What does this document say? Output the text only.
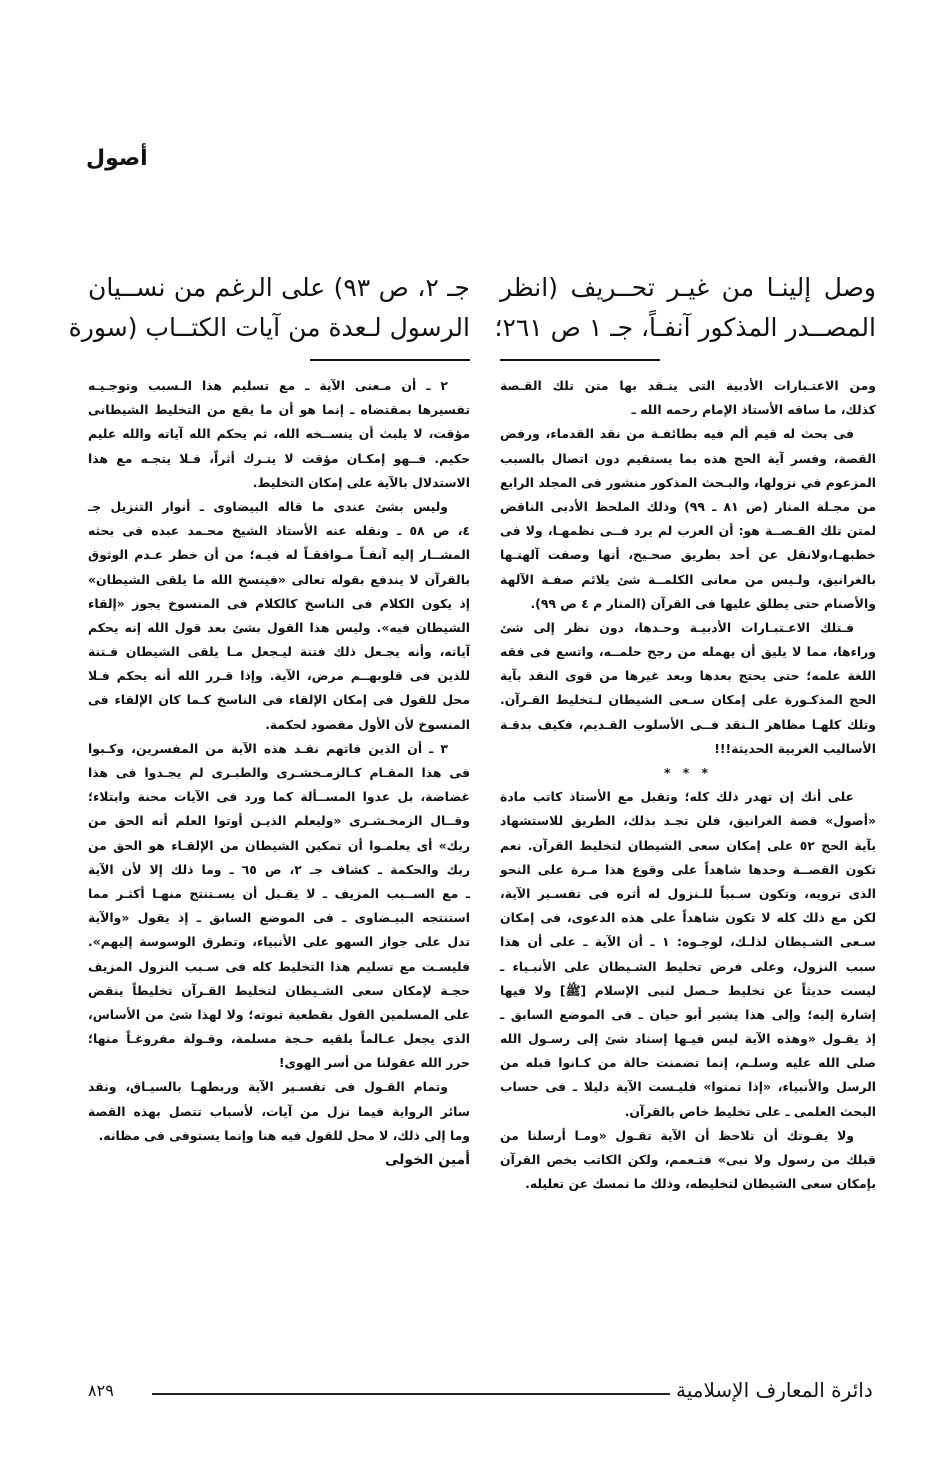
أصول
وصل إلينـا من غيـر تحــريف (انظر
المصــدر المذكور آنفـاً، جـ ١ ص ٢٦١؛
ومن الاعتـبارات الأدبية التى ينـقد بها متن تلك القـصة
كذلك، ما ساقه الأستاذ الإمام رحمه الله ـ
فى بحث له قيم ألم فيه بطائفـة من نقد القدماء، ورفض
القصة، وفسر آية الحج هذه بما يستقيم دون اتصال بالسبب
المزعوم في نزولها، والبـحث المذكور منشور فى المجلد الرابع
من مجـلة المنار (ص ٨١ ـ ٩٩) وذلك الملحظ الأدبى الناقض
لمتن تلك القـصــة هو: أن العرب لم يرد فــى نظمهـا، ولا فى
خطبهـا،ولانقل عن أحد بطريق صحـيح، أنها وصفت آلهتـها
بالغرانيق، ولـيس من معانى الكلمــة شئ يلائم صفـة الآلهة
والأصنام حتى يطلق عليها فى القرآن (المنار م ٤ ص ٩٩).
فـتلك الاعـتبـارات الأدبيـة وحـدها، دون نظر إلى شئ
وراءها، مما لا يليق أن يهمله من رجح حلمــه، واتسع فى فقه
اللغة علمه؛ حتى يحتج بعدها وبعد غيرها من قوى النقد بآية
الحج المذكـورة على إمكان سـعى الشيطان لـتخليط القـرآن.
وتلك كلهـا مظاهر الـنقد فــى الأسلوب القـديم، فكيف بدقـة
الأساليب الغربية الحديثة!!!
* * *
على أنك إن تهدر ذلك كله؛ وتقبل مع الأستاذ كاتب مادة
«أصول» قصة الغرانيق، فلن تجـد بذلك، الطريق للاستشهاد
بآية الحج ٥٢ على إمكان سعى الشيطان لتخليط القرآن. نعم
تكون القصــة وحدها شاهداً على وقوع هذا مـرة على النحو
الذى ترويه، وتكون سـبباً للـنزول له أثره فى تفسـير الآية،
لكن مع ذلك كله لا تكون شاهداً على هذه الدعوى، فى إمكان
سـعى الشـيطان لذلـك، لوجـوه: ١ ـ أن الآية ـ على أن هذا
سبب النزول، وعلى فرض تخليط الشـيطان على الأنبـياء ـ
ليست حديثاً عن تخليط حـصل لنبى الإسلام [ﷺ] ولا فيها
إشارة إليه؛ وإلى هذا يشير أبو حيان ـ فى الموضع السابق ـ
إذ يقـول «وهذه الآية ليس فيـها إسناد شئ إلى رسـول الله
صلى الله عليه وسلـم، إنما تضمنت حالة من كـانوا قبله من
الرسل والأنبياء، «إذا تمنوا» فليـست الآية دليلا ـ فى حساب
البحث العلمى ـ على تخليط خاص بالقرآن.
ولا يفـوتك أن تلاحظ أن الآية تقـول «ومـا أرسلنا من
قبلك من رسول ولا نبى» فتـعمم، ولكن الكاتب يخص القرآن
بإمكان سعى الشيطان لتخليطه، وذلك ما نمسك عن تعليله.
جـ ٢، ص ٩٣) على الرغم من نســيان
الرسول لـعدة من آيات الكتــاب (سورة
٢ ـ أن مـعنى الآية ـ مع تسليم هذا الـسبب وتوجـيـه
تفسيرها بمقتضاه ـ إنما هو أن ما يقع من التخليط الشيطانى
مؤقت، لا يلبث أن ينســخه الله، ثم يحكم الله آياته والله عليم
حكيم. فــهو إمكـان مؤقت لا يتـرك أثراً، فـلا يتجـه مع هذا
الاستدلال بالآية على إمكان التخليط.
وليس بشئ عندى ما قاله البيضاوى ـ أنوار التنزيل جـ
٤، ص ٥٨ ـ ونقله عنه الأستاذ الشيخ محـمد عبده فى بحثه
المشــار إليه آنفـاً مـوافقـاً له فيـه؛ من أن خطر عـدم الوثوق
بالقرآن لا يندفع بقوله تعالى «فينسخ الله ما يلقى الشيطان»
إذ يكون الكلام فى الناسخ كالكلام فى المنسوخ يجوز «إلقاء
الشيطان فيه». وليس هذا القول بشئ بعد قول الله إنه يحكم
آياته، وأنه يجـعل ذلك فتنة ليـجعل مـا يلقى الشيطان فـتنة
للذين فى قلوبهــم مرض، الآية. وإذا قـرر الله أنه يحكم فـلا
محل للقول فى إمكان الإلقاء فى الناسخ كـما كان الإلقاء فى
المنسوخ لأن الأول مقصود لحكمة.
٣ ـ أن الذين فاتهم نقـد هذه الآية من المفسرين، وكـبوا
فى هذا المقـام كـالزمـخشـرى والطبـرى لم يجـدوا فى هذا
غضاضة، بل عدوا المســألة كما ورد فى الآيات محنة وابتلاء؛
وقــال الزمخـشـرى «وليعلم الذيـن أوتوا العلم أنه الحق من
ربك» أى يعلمـوا أن تمكين الشيطان من الإلقـاء هو الحق من
ربك والحكمة ـ كشاف جـ ٢، ص ٦٥ ـ وما ذلك إلا لأن الآية
ـ مع الســبب المزيف ـ لا يقـبل أن يسـتنتج منهـا أكثـر مما
استنتجه البيـضاوى ـ فى الموضع السابق ـ إذ يقول «والآية
تدل على جواز السهو على الأنبياء، وتطرق الوسوسة إليهم».
فليسـت مع تسليم هذا التخليط كله فى سـبب النزول المزيف
حجـة لإمكان سعى الشـيطان لتخليط القـرآن تخليطاً ينقض
على المسلمين القول بقطعية ثبوته؛ ولا لهذا شئ من الأساس،
الذى يجعل عـالماً يلقيه حـجة مسلمة، وقـولة مفروغـاً منها؛
حرر الله عقولنا من أسر الهوى!
وتمام القـول فى تفسـير الآية وربطهـا بالسيـاق، ونقد
سائر الرواية فيما نزل من آيات، لأسباب تتصل بهذه القصة
وما إلى ذلك، لا محل للقول فيه هنا وإنما يستوفى فى مظانه.
أمين الخولى
دائرة المعارف الإسلامية
٨٢٩
